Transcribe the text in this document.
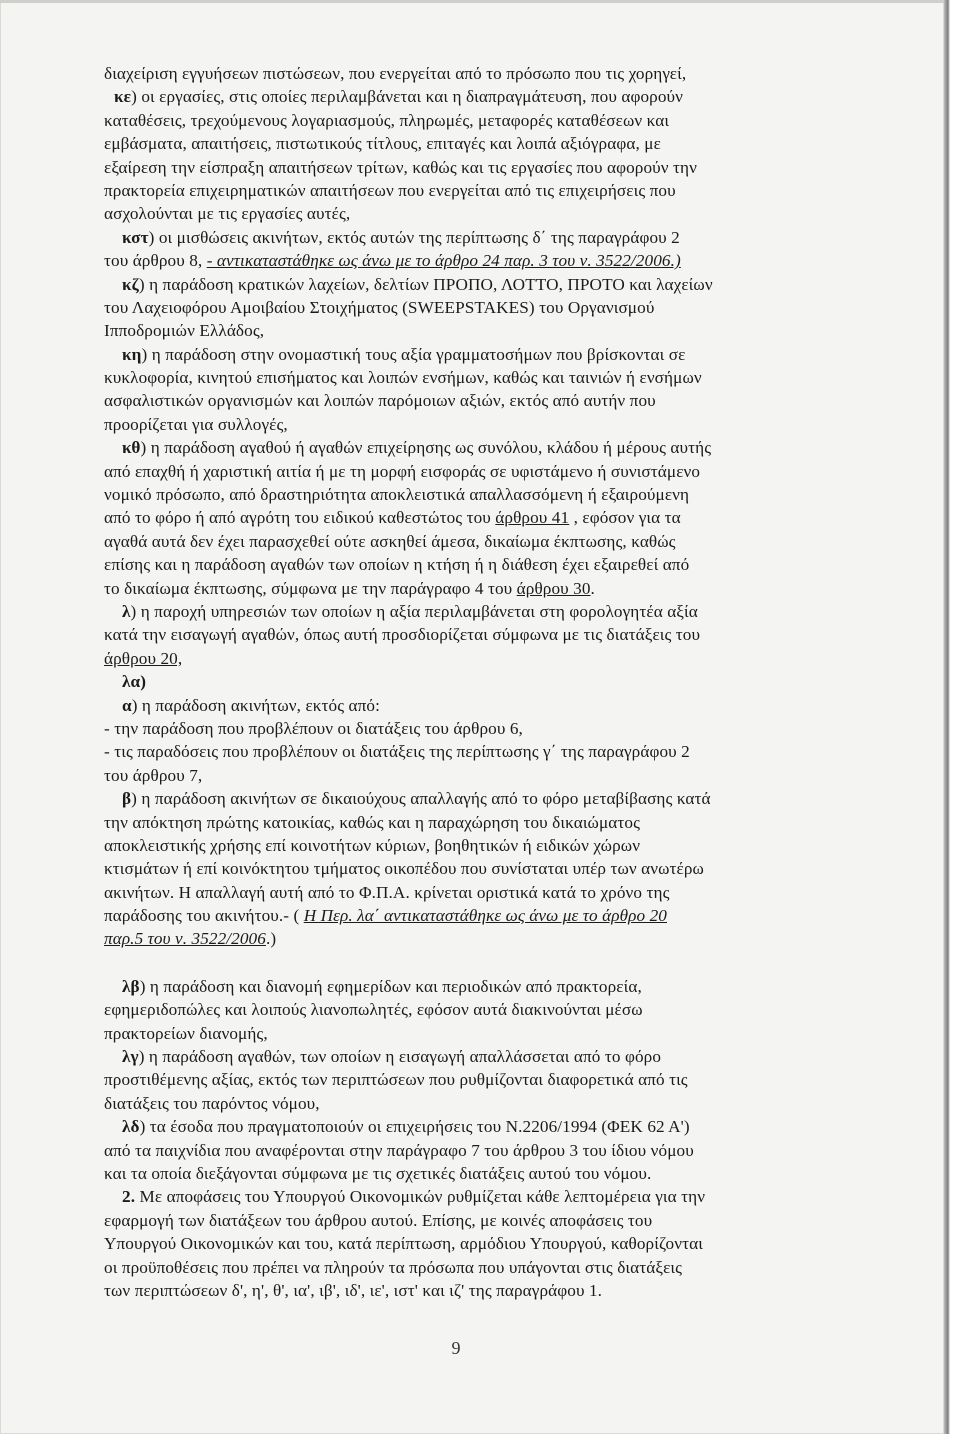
διαχείριση εγγυήσεων πιστώσεων, που ενεργείται από το πρόσωπο που τις χορηγεί,
κε) οι εργασίες, στις οποίες περιλαμβάνεται και η διαπραγμάτευση, που αφορούν
καταθέσεις, τρεχούμενους λογαριασμούς, πληρωμές, μεταφορές καταθέσεων και
εμβάσματα, απαιτήσεις, πιστωτικούς τίτλους, επιταγές και λοιπά αξιόγραφα, με
εξαίρεση την είσπραξη απαιτήσεων τρίτων, καθώς και τις εργασίες που αφορούν την
πρακτορεία επιχειρηματικών απαιτήσεων που ενεργείται από τις επιχειρήσεις που
ασχολούνται με τις εργασίες αυτές,
κστ) οι μισθώσεις ακινήτων, εκτός αυτών της περίπτωσης δ΄ της παραγράφου 2
του άρθρου 8, - αντικαταστάθηκε ως άνω με το άρθρο 24 παρ. 3 του ν. 3522/2006.)
κζ) η παράδοση κρατικών λαχείων, δελτίων ΠΡΟΠΟ, ΛΟΤΤΟ, ΠΡΟΤΟ και λαχείων
του Λαχειοφόρου Αμοιβαίου Στοιχήματος (SWEEPSTAKES) του Οργανισμού
Ιπποδρομιών Ελλάδος,
κη) η παράδοση στην ονομαστική τους αξία γραμματοσήμων που βρίσκονται σε
κυκλοφορία, κινητού επισήματος και λοιπών ενσήμων, καθώς και ταινιών ή ενσήμων
ασφαλιστικών οργανισμών και λοιπών παρόμοιων αξιών, εκτός από αυτήν που
προορίζεται για συλλογές,
κθ) η παράδοση αγαθού ή αγαθών επιχείρησης ως συνόλου, κλάδου ή μέρους αυτής
από επαχθή ή χαριστική αιτία ή με τη μορφή εισφοράς σε υφιστάμενο ή συνιστάμενο
νομικό πρόσωπο, από δραστηριότητα αποκλειστικά απαλλασσόμενη ή εξαιρούμενη
από το φόρο ή από αγρότη του ειδικού καθεστώτος του άρθρου 41 , εφόσον για τα
αγαθά αυτά δεν έχει παρασχεθεί ούτε ασκηθεί άμεσα, δικαίωμα έκπτωσης, καθώς
επίσης και η παράδοση αγαθών των οποίων η κτήση ή η διάθεση έχει εξαιρεθεί από
το δικαίωμα έκπτωσης, σύμφωνα με την παράγραφο 4 του άρθρου 30.
λ) η παροχή υπηρεσιών των οποίων η αξία περιλαμβάνεται στη φορολογητέα αξία
κατά την εισαγωγή αγαθών, όπως αυτή προσδιορίζεται σύμφωνα με τις διατάξεις του
άρθρου 20,
λα)
α) η παράδοση ακινήτων, εκτός από:
- την παράδοση που προβλέπουν οι διατάξεις του άρθρου 6,
- τις παραδόσεις που προβλέπουν οι διατάξεις της περίπτωσης γ΄ της παραγράφου 2
του άρθρου 7,
β) η παράδοση ακινήτων σε δικαιούχους απαλλαγής από το φόρο μεταβίβασης κατά
την απόκτηση πρώτης κατοικίας, καθώς και η παραχώρηση του δικαιώματος
αποκλειστικής χρήσης επί κοινοτήτων κύριων, βοηθητικών ή ειδικών χώρων
κτισμάτων ή επί κοινόκτητου τμήματος οικοπέδου που συνίσταται υπέρ των ανωτέρω
ακινήτων. Η απαλλαγή αυτή από το Φ.Π.Α. κρίνεται οριστικά κατά το χρόνο της
παράδοσης του ακινήτου.- ( Η Περ. λα΄ αντικαταστάθηκε ως άνω με το άρθρο 20
παρ.5 του ν. 3522/2006.)
λβ) η παράδοση και διανομή εφημερίδων και περιοδικών από πρακτορεία,
εφημεριδοπώλες και λοιπούς λιανοπωλητές, εφόσον αυτά διακινούνται μέσω
πρακτορείων διανομής,
λγ) η παράδοση αγαθών, των οποίων η εισαγωγή απαλλάσσεται από το φόρο
προστιθέμενης αξίας, εκτός των περιπτώσεων που ρυθμίζονται διαφορετικά από τις
διατάξεις του παρόντος νόμου,
λδ) τα έσοδα που πραγματοποιούν οι επιχειρήσεις του Ν.2206/1994 (ΦΕΚ 62 Α')
από τα παιχνίδια που αναφέρονται στην παράγραφο 7 του άρθρου 3 του ίδιου νόμου
και τα οποία διεξάγονται σύμφωνα με τις σχετικές διατάξεις αυτού του νόμου.
2. Με αποφάσεις του Υπουργού Οικονομικών ρυθμίζεται κάθε λεπτομέρεια για την
εφαρμογή των διατάξεων του άρθρου αυτού. Επίσης, με κοινές αποφάσεις του
Υπουργού Οικονομικών και του, κατά περίπτωση, αρμόδιου Υπουργού, καθορίζονται
οι προϋποθέσεις που πρέπει να πληρούν τα πρόσωπα που υπάγονται στις διατάξεις
των περιπτώσεων δ', η', θ', ια', ιβ', ιδ', ιε', ιστ' και ιζ' της παραγράφου 1.
9
